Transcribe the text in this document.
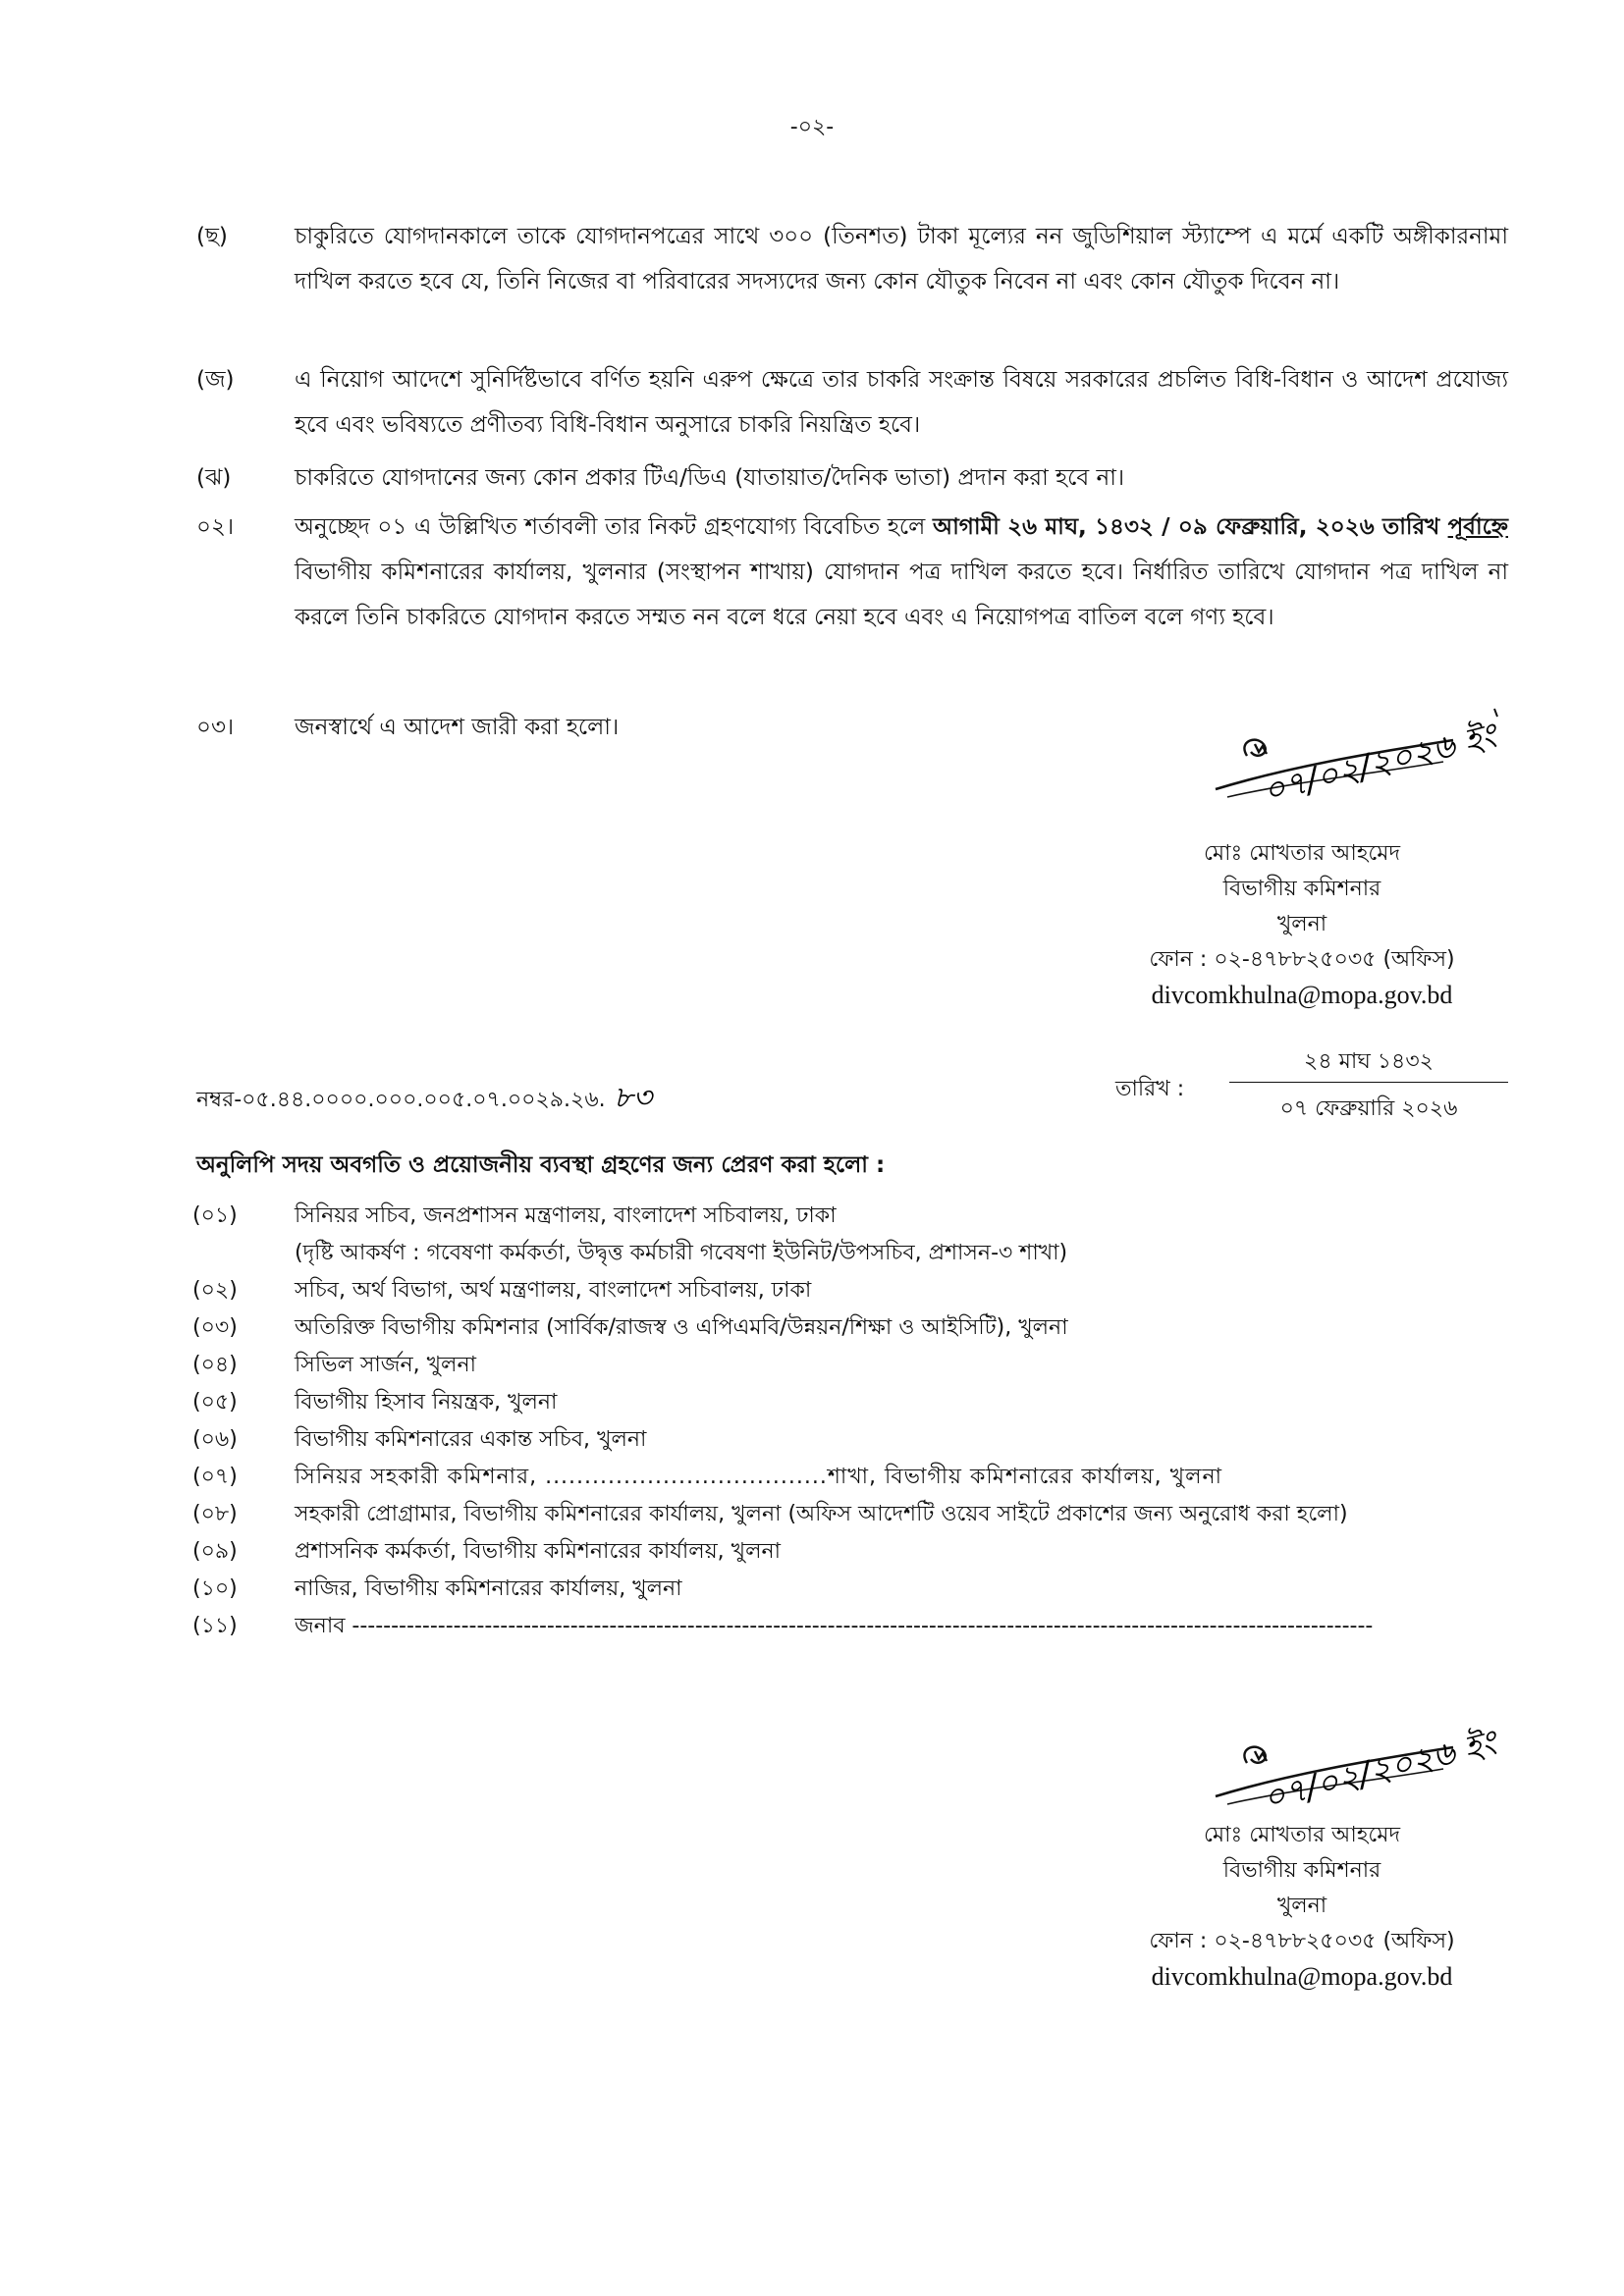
-০২-
(ছ)	চাকুরিতে যোগদানকালে তাকে যোগদানপত্রের সাথে ৩০০ (তিনশত) টাকা মূল্যের নন জুডিশিয়াল স্ট্যাম্পে এ মর্মে একটি অঙ্গীকারনামা দাখিল করতে হবে যে, তিনি নিজের বা পরিবারের সদস্যদের জন্য কোন যৌতুক নিবেন না এবং কোন যৌতুক দিবেন না।
(জ)	এ নিয়োগ আদেশে সুনির্দিষ্টভাবে বর্ণিত হয়নি এরুপ ক্ষেত্রে তার চাকরি সংক্রান্ত বিষয়ে সরকারের প্রচলিত বিধি-বিধান ও আদেশ প্রযোজ্য হবে এবং ভবিষ্যতে প্রণীতব্য বিধি-বিধান অনুসারে চাকরি নিয়ন্ত্রিত হবে।
(ঝ)	চাকরিতে যোগদানের জন্য কোন প্রকার টিএ/ডিএ (যাতায়াত/দৈনিক ভাতা) প্রদান করা হবে না।
০২।	অনুচ্ছেদ ০১ এ উল্লিখিত শর্তাবলী তার নিকট গ্রহণযোগ্য বিবেচিত হলে আগামী ২৬ মাঘ, ১৪৩২ / ০৯ ফেব্রুয়ারি, ২০২৬ তারিখ পূর্বাহ্নে বিভাগীয় কমিশনারের কার্যালয়, খুলনার (সংস্থাপন শাখায়) যোগদান পত্র দাখিল করতে হবে। নির্ধারিত তারিখে যোগদান পত্র দাখিল না করলে তিনি চাকরিতে যোগদান করতে সম্মত নন বলে ধরে নেয়া হবে এবং এ নিয়োগপত্র বাতিল বলে গণ্য হবে।
০৩।	জনস্বার্থে এ আদেশ জারী করা হলো।	০৭/০২/২০২৬ ইং
মোঃ মোখতার আহমেদ
বিভাগীয় কমিশনার
খুলনা
ফোন : ০২-৪৭৮৮২৫০৩৫ (অফিস)
divcomkhulna@mopa.gov.bd
নম্বর-০৫.৪৪.০০০০.০০০.০০৫.০৭.০০২৯.২৬. ৮৩	তারিখ :
২৪ মাঘ ১৪৩২
০৭ ফেব্রুয়ারি ২০২৬
অনুলিপি সদয় অবগতি ও প্রয়োজনীয় ব্যবস্থা গ্রহণের জন্য প্রেরণ করা হলো :
(০১)	সিনিয়র সচিব, জনপ্রশাসন মন্ত্রণালয়, বাংলাদেশ সচিবালয়, ঢাকা
(দৃষ্টি আকর্ষণ : গবেষণা কর্মকর্তা, উদ্বৃত্ত কর্মচারী গবেষণা ইউনিট/উপসচিব, প্রশাসন-৩ শাখা)
(০২)	সচিব, অর্থ বিভাগ, অর্থ মন্ত্রণালয়, বাংলাদেশ সচিবালয়, ঢাকা
(০৩)	অতিরিক্ত বিভাগীয় কমিশনার (সার্বিক/রাজস্ব ও এপিএমবি/উন্নয়ন/শিক্ষা ও আইসিটি), খুলনা
(০৪)	সিভিল সার্জন, খুলনা
(০৫)	বিভাগীয় হিসাব নিয়ন্ত্রক, খুলনা
(০৬)	বিভাগীয় কমিশনারের একান্ত সচিব, খুলনা
(০৭)	সিনিয়র সহকারী কমিশনার, ....................................শাখা, বিভাগীয় কমিশনারের কার্যালয়, খুলনা
(০৮)	সহকারী প্রোগ্রামার, বিভাগীয় কমিশনারের কার্যালয়, খুলনা (অফিস আদেশটি ওয়েব সাইটে প্রকাশের জন্য অনুরোধ করা হলো)
(০৯)	প্রশাসনিক কর্মকর্তা, বিভাগীয় কমিশনারের কার্যালয়, খুলনা
(১০)	নাজির, বিভাগীয় কমিশনারের কার্যালয়, খুলনা
(১১)	জনাব -----------------------------------------------------------------------------------------------------------------------------------
০৭/০২/২০২৬ ইং
মোঃ মোখতার আহমেদ
বিভাগীয় কমিশনার
খুলনা
ফোন : ০২-৪৭৮৮২৫০৩৫ (অফিস)
divcomkhulna@mopa.gov.bd
